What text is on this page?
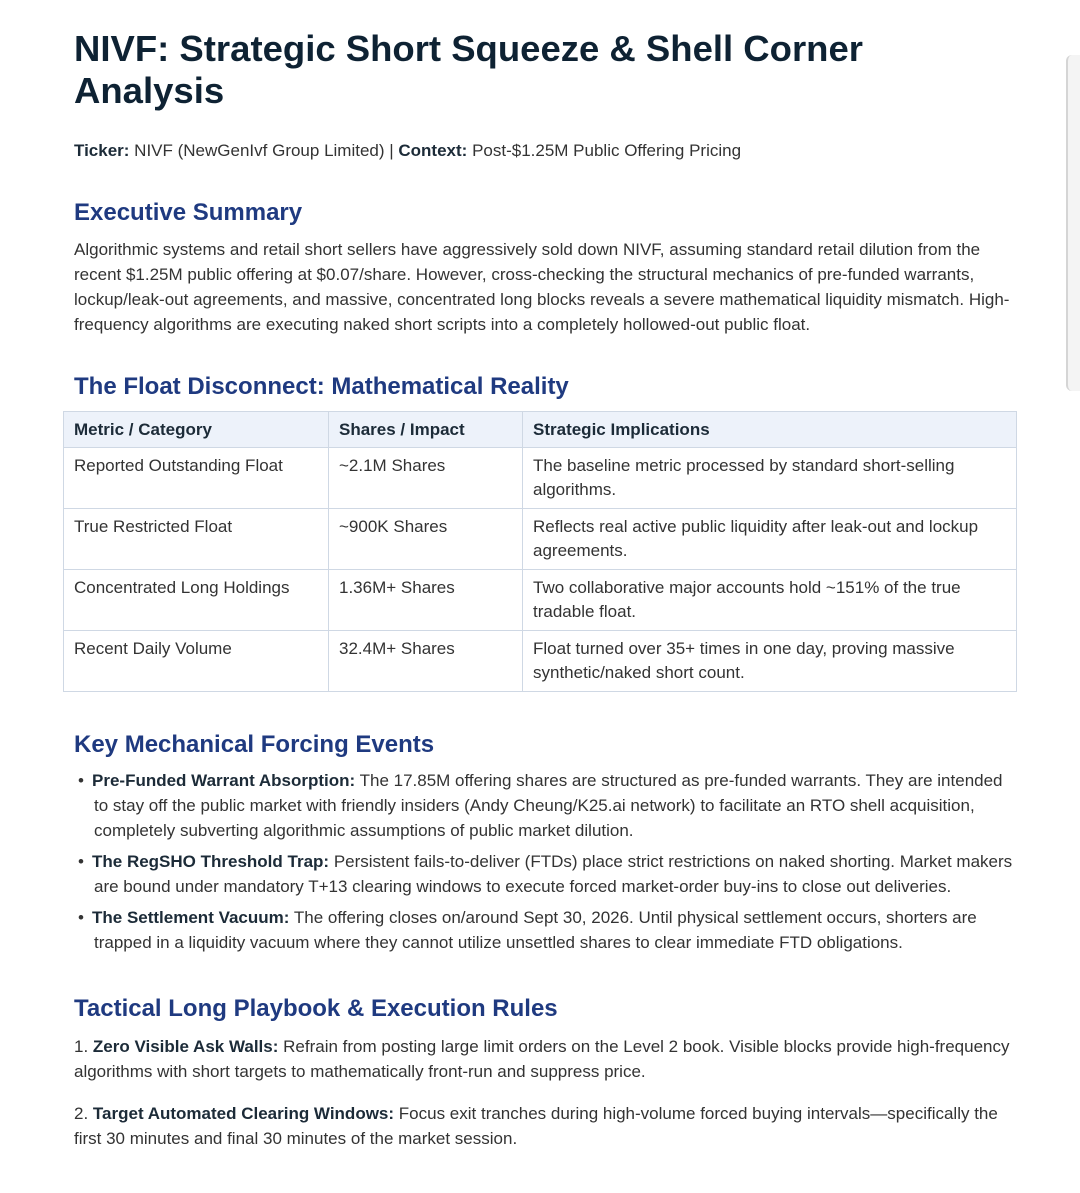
NIVF: Strategic Short Squeeze & Shell Corner Analysis
Ticker: NIVF (NewGenIvf Group Limited) | Context: Post-$1.25M Public Offering Pricing
Executive Summary

Algorithmic systems and retail short sellers have aggressively sold down NIVF, assuming standard retail dilution from the recent $1.25M public offering at $0.07/share. However, cross-checking the structural mechanics of pre-funded warrants, lockup/leak-out agreements, and massive, concentrated long blocks reveals a severe mathematical liquidity mismatch. High-frequency algorithms are executing naked short scripts into a completely hollowed-out public float.

The Float Disconnect: Mathematical Reality
Metric / Category	Shares / Impact	Strategic Implications
Reported Outstanding Float	~2.1M Shares	The baseline metric processed by standard short-selling algorithms.
True Restricted Float	~900K Shares	Reflects real active public liquidity after leak-out and lockup agreements.
Concentrated Long Holdings	1.36M+ Shares	Two collaborative major accounts hold ~151% of the true tradable float.
Recent Daily Volume	32.4M+ Shares	Float turned over 35+ times in one day, proving massive synthetic/naked short count.
Key Mechanical Forcing Events
• Pre-Funded Warrant Absorption: The 17.85M offering shares are structured as pre-funded warrants. They are intended to stay off the public market with friendly insiders (Andy Cheung/K25.ai network) to facilitate an RTO shell acquisition, completely subverting algorithmic assumptions of public market dilution.
• The RegSHO Threshold Trap: Persistent fails-to-deliver (FTDs) place strict restrictions on naked shorting. Market makers are bound under mandatory T+13 clearing windows to execute forced market-order buy-ins to close out deliveries.
• The Settlement Vacuum: The offering closes on/around Sept 30, 2026. Until physical settlement occurs, shorters are trapped in a liquidity vacuum where they cannot utilize unsettled shares to clear immediate FTD obligations.
Tactical Long Playbook & Execution Rules
1. Zero Visible Ask Walls: Refrain from posting large limit orders on the Level 2 book. Visible blocks provide high-frequency algorithms with short targets to mathematically front-run and suppress price.
2. Target Automated Clearing Windows: Focus exit tranches during high-volume forced buying intervals—specifically the first 30 minutes and final 30 minutes of the market session.
